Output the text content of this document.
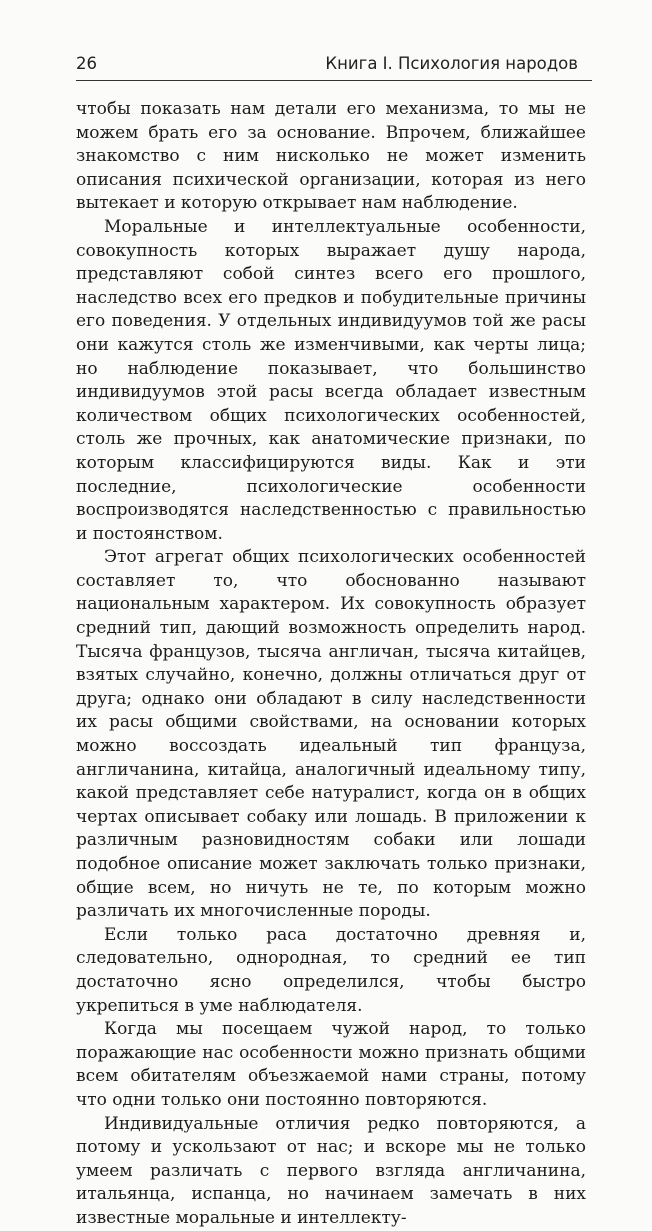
26	Книга I. Психология народов

чтобы показать нам детали его механизма, то мы не можем брать его за основание. Впрочем, ближайшее знакомство с ним нисколько не может изменить описания психической организации, которая из него вытекает и которую открывает нам наблюдение.

Моральные и интеллектуальные особенности, совокупность которых выражает душу народа, представляют собой синтез всего его прошлого, наследство всех его предков и побудительные причины его поведения. У отдельных индивидуумов той же расы они кажутся столь же изменчивыми, как черты лица; но наблюдение показывает, что большинство индивидуумов этой расы всегда обладает известным количеством общих психологических особенностей, столь же прочных, как анатомические признаки, по которым классифицируются виды. Как и эти последние, психологические особенности воспроизводятся наследственностью с правильностью и постоянством.

Этот агрегат общих психологических особенностей составляет то, что обоснованно называют национальным характером. Их совокупность образует средний тип, дающий возможность определить народ. Тысяча французов, тысяча англичан, тысяча китайцев, взятых случайно, конечно, должны отличаться друг от друга; однако они обладают в силу наследственности их расы общими свойствами, на основании которых можно воссоздать идеальный тип француза, англичанина, китайца, аналогичный идеальному типу, какой представляет себе натуралист, когда он в общих чертах описывает собаку или лошадь. В приложении к различным разновидностям собаки или лошади подобное описание может заключать только признаки, общие всем, но ничуть не те, по которым можно различать их многочисленные породы.

Если только раса достаточно древняя и, следовательно, однородная, то средний ее тип достаточно ясно определился, чтобы быстро укрепиться в уме наблюдателя.

Когда мы посещаем чужой народ, то только поражающие нас особенности можно признать общими всем обитателям объезжаемой нами страны, потому что одни только они постоянно повторяются.

Индивидуальные отличия редко повторяются, а потому и ускользают от нас; и вскоре мы не только умеем различать с первого взгляда англичанина, итальянца, испанца, но начинаем замечать в них известные моральные и интеллекту-
